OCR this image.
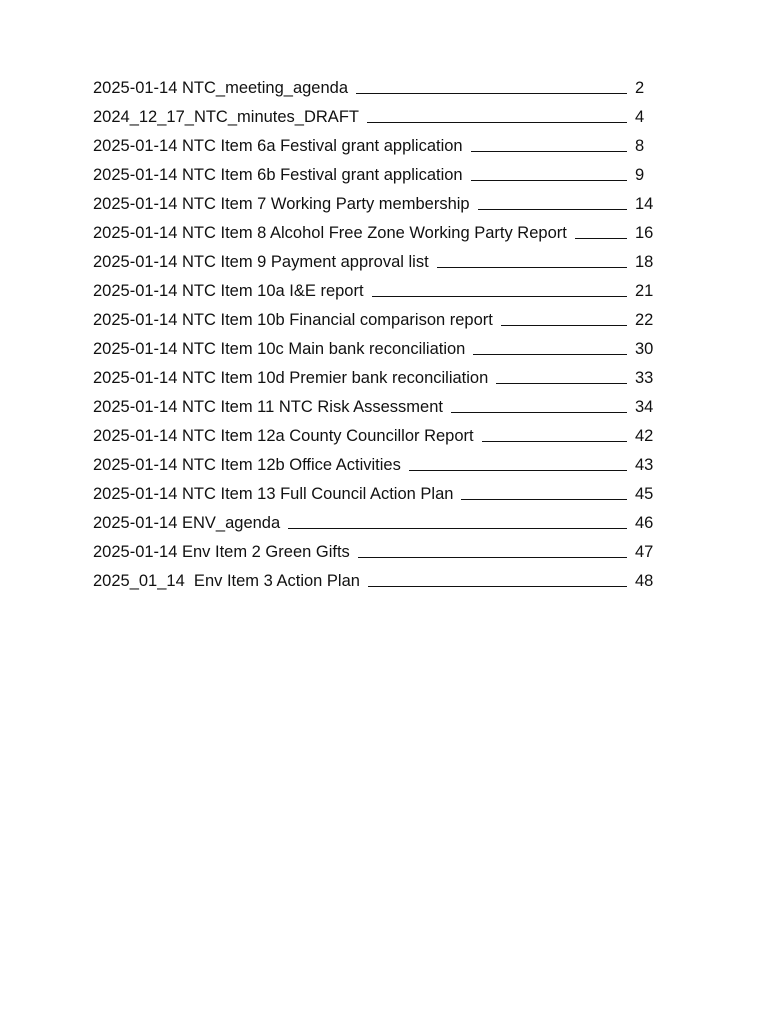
2025-01-14 NTC_meeting_agenda	2
2024_12_17_NTC_minutes_DRAFT	4
2025-01-14 NTC Item 6a Festival grant application	8
2025-01-14 NTC Item 6b Festival grant application	9
2025-01-14 NTC Item 7 Working Party membership	14
2025-01-14 NTC Item 8 Alcohol Free Zone Working Party Report	16
2025-01-14 NTC Item 9 Payment approval list	18
2025-01-14 NTC Item 10a I&E report	21
2025-01-14 NTC Item 10b Financial comparison report	22
2025-01-14 NTC Item 10c Main bank reconciliation	30
2025-01-14 NTC Item 10d Premier bank reconciliation	33
2025-01-14 NTC Item 11 NTC Risk Assessment	34
2025-01-14 NTC Item 12a County Councillor Report	42
2025-01-14 NTC Item 12b Office Activities	43
2025-01-14 NTC Item 13 Full Council Action Plan	45
2025-01-14 ENV_agenda	46
2025-01-14 Env Item 2 Green Gifts	47
2025_01_14  Env Item 3 Action Plan	48
